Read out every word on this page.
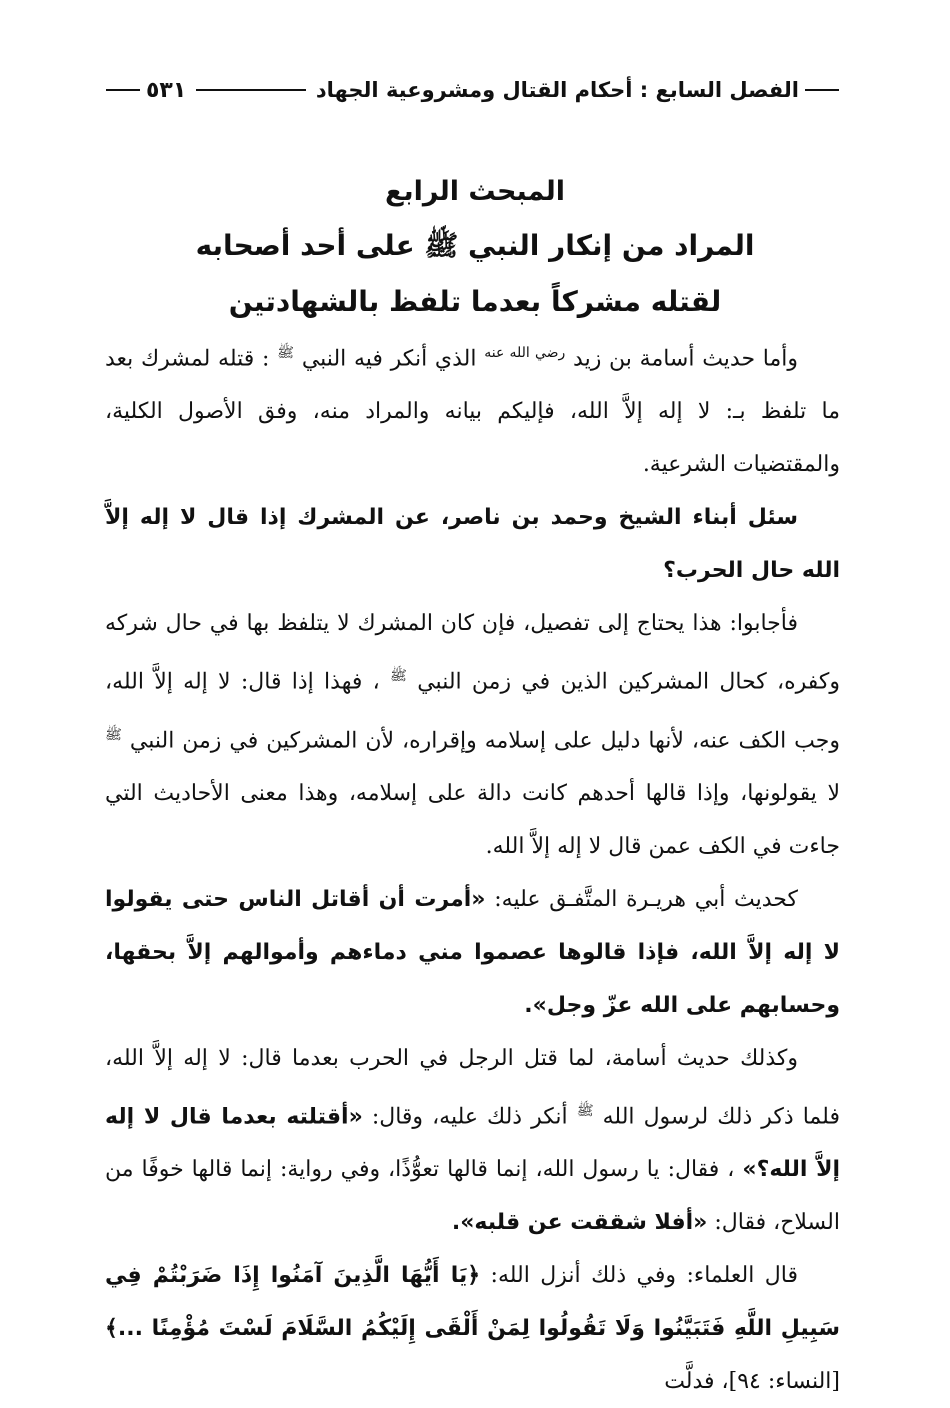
الفصل السابع : أحكام القتال ومشروعية الجهاد
٥٣١
المبحث الرابع
المراد من إنكار النبي ﷺ على أحد أصحابه
لقتله مشركاً بعدما تلفظ بالشهادتين

وأما حديث أسامة بن زيد $^{رضي الله عنه}$ الذي أنكر فيه النبي $^ﷺ$ : قتله لمشرك بعد ما تلفظ بـ: لا إله إلاَّ الله، فإليكم بيانه والمراد منه، وفق الأصول الكلية، والمقتضيات الشرعية.

سئل أبناء الشيخ وحمد بن ناصر، عن المشرك إذا قال لا إله إلاَّ الله حال الحرب؟

فأجابوا: هذا يحتاج إلى تفصيل، فإن كان المشرك لا يتلفظ بها في حال شركه وكفره، كحال المشركين الذين في زمن النبي $^ﷺ$ ، فهذا إذا قال: لا إله إلاَّ الله، وجب الكف عنه، لأنها دليل على إسلامه وإقراره، لأن المشركين في زمن النبي $^ﷺ$ لا يقولونها، وإذا قالها أحدهم كانت دالة على إسلامه، وهذا معنى الأحاديث التي جاءت في الكف عمن قال لا إله إلاَّ الله.

كحديث أبي هريـرة المتَّفـق عليه: «أمرت أن أقاتل الناس حتى يقولوا لا إله إلاَّ الله، فإذا قالوها عصموا مني دماءهم وأموالهم إلاَّ بحقها، وحسابهم على الله عزّ وجل».

وكذلك حديث أسامة، لما قتل الرجل في الحرب بعدما قال: لا إله إلاَّ الله، فلما ذكر ذلك لرسول الله $^ﷺ$ أنكر ذلك عليه، وقال: «أقتلته بعدما قال لا إله إلاَّ الله؟» ، فقال: يا رسول الله، إنما قالها تعوُّذًا، وفي رواية: إنما قالها خوفًا من السلاح، فقال: «أفلا شققت عن قلبه».

قال العلماء: وفي ذلك أنزل الله: ﴿يَا أَيُّهَا الَّذِينَ آمَنُوا إِذَا ضَرَبْتُمْ فِي سَبِيلِ اللَّهِ فَتَبَيَّنُوا وَلَا تَقُولُوا لِمَنْ أَلْقَى إِلَيْكُمُ السَّلَامَ لَسْتَ مُؤْمِنًا ...﴾ [النساء: ٩٤]، فدلَّت
